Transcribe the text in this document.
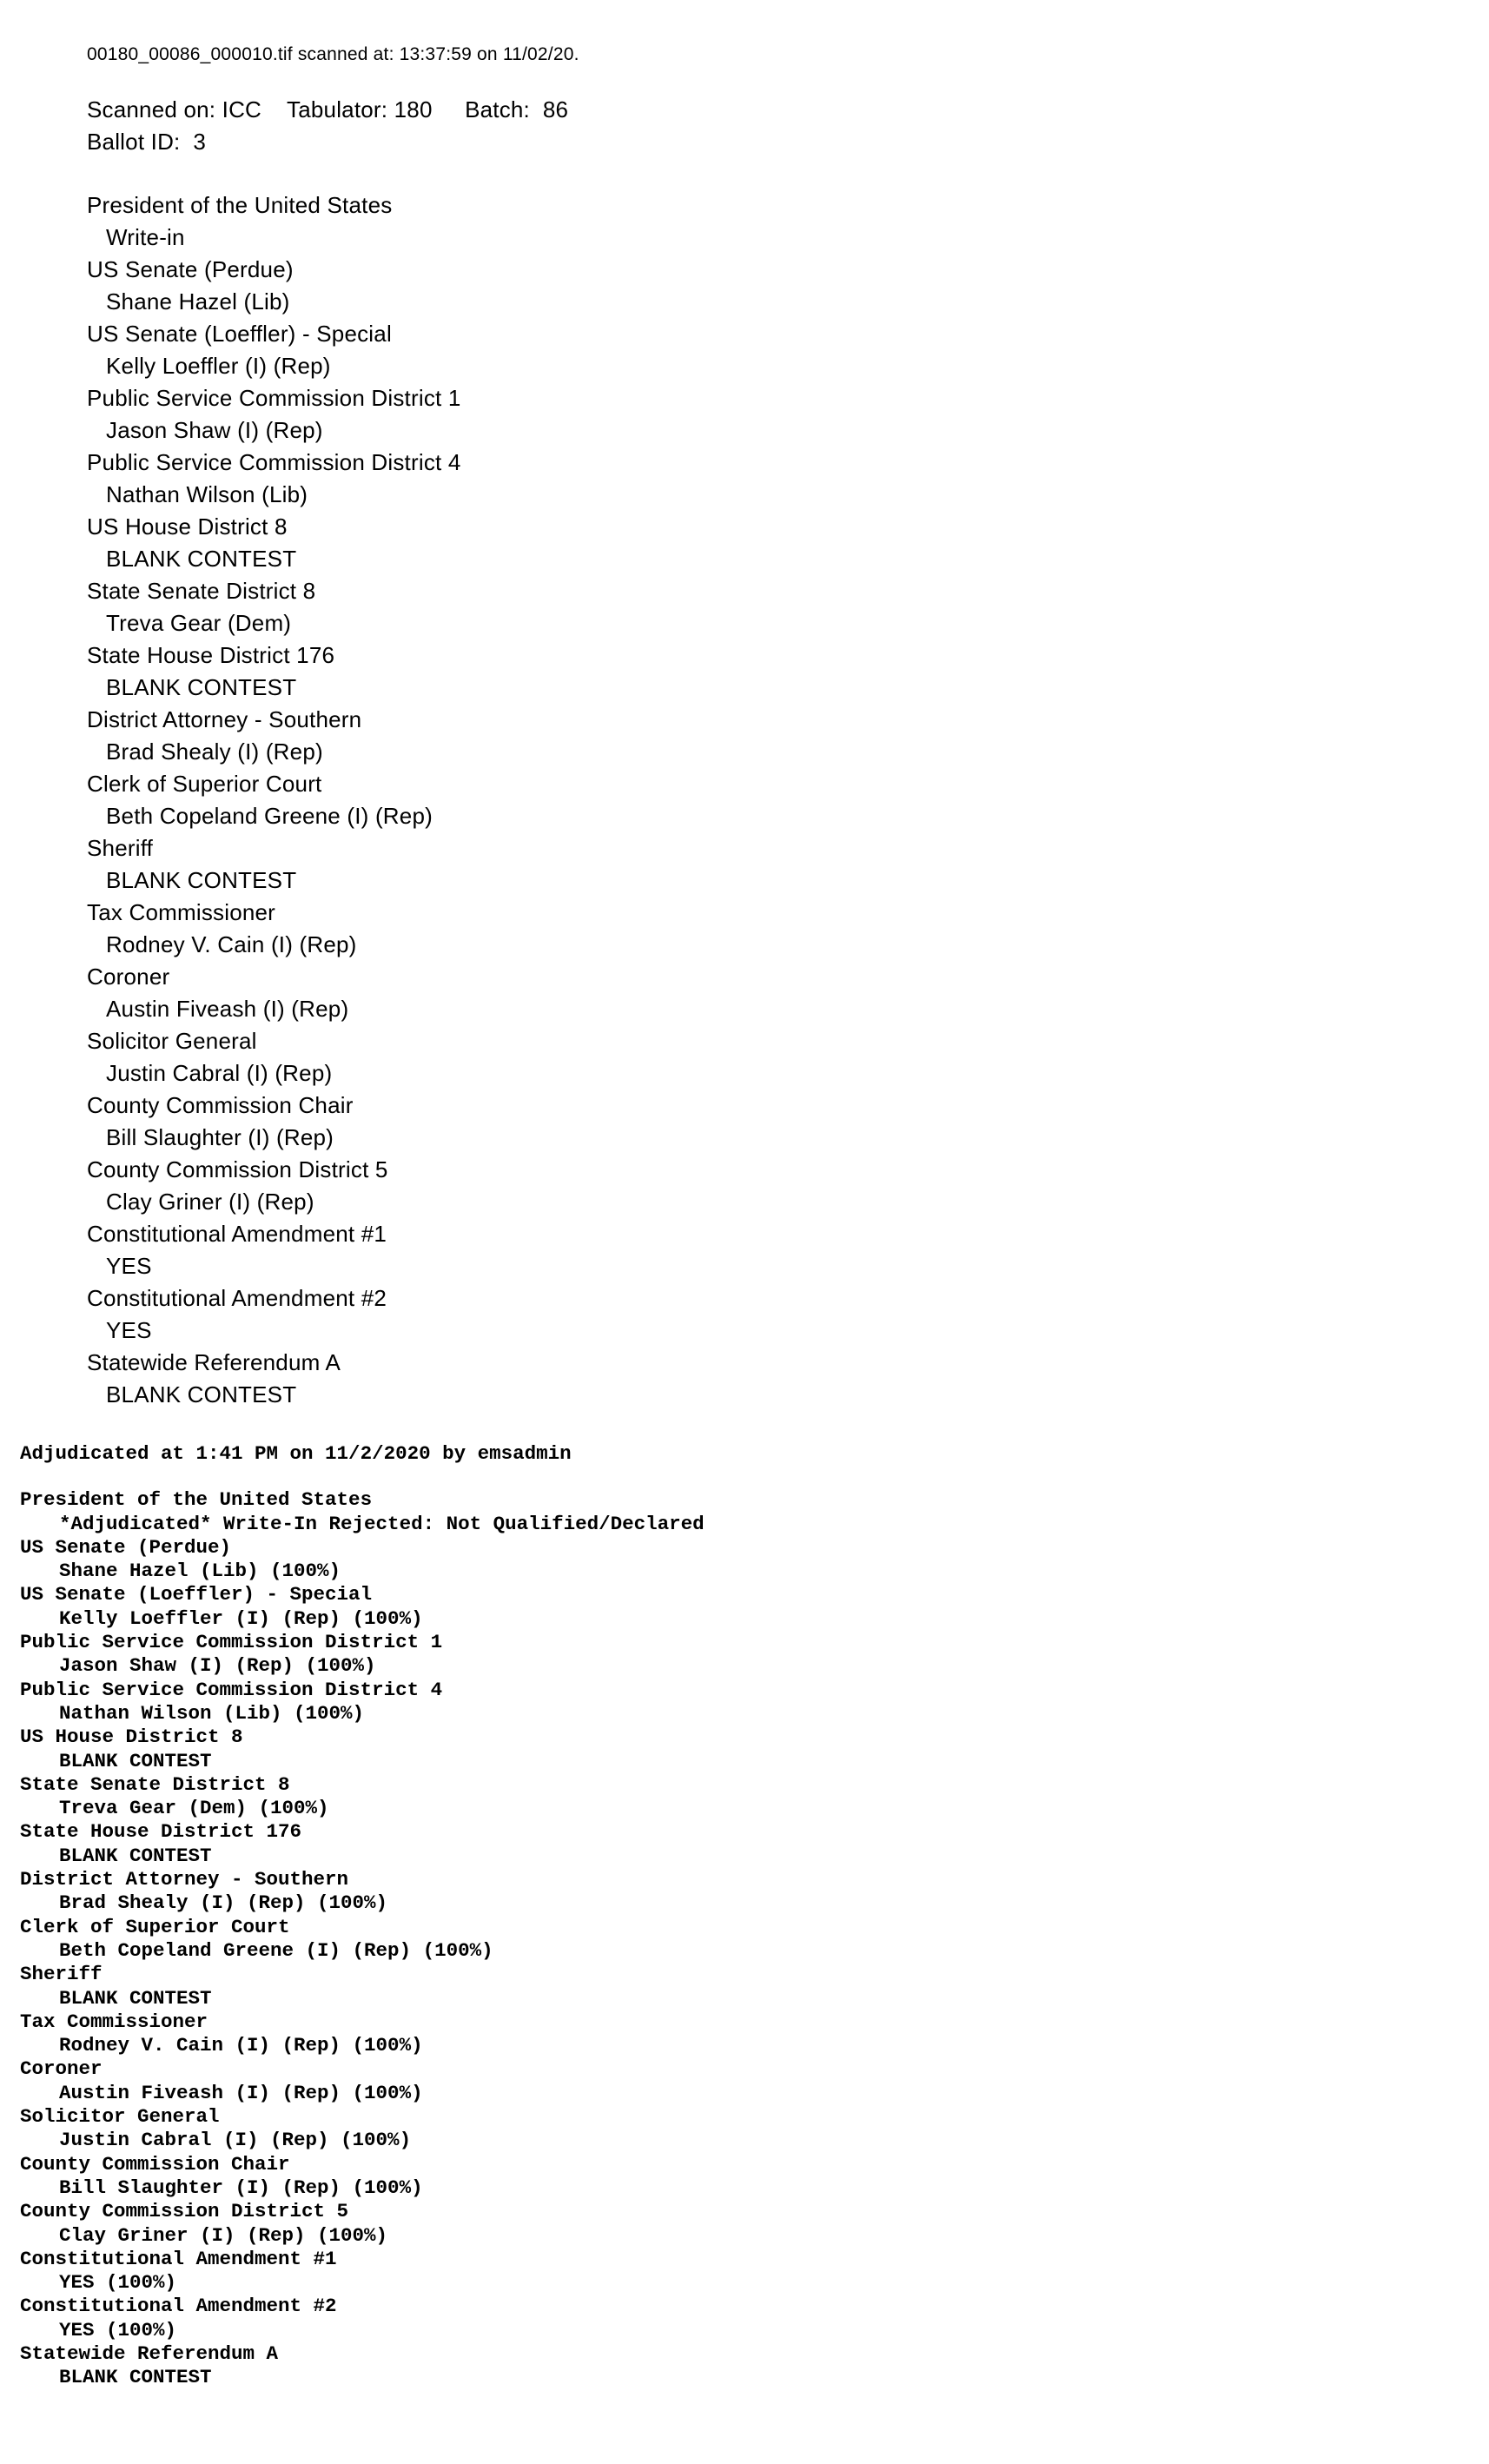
00180_00086_000010.tif scanned at: 13:37:59 on 11/02/20.
Scanned on: ICC Tabulator: 180 Batch: 86
Ballot ID: 3
President of the United States
Write-in
US Senate (Perdue)
Shane Hazel (Lib)
US Senate (Loeffler) - Special
Kelly Loeffler (I) (Rep)
Public Service Commission District 1
Jason Shaw (I) (Rep)
Public Service Commission District 4
Nathan Wilson (Lib)
US House District 8
BLANK CONTEST
State Senate District 8
Treva Gear (Dem)
State House District 176
BLANK CONTEST
District Attorney - Southern
Brad Shealy (I) (Rep)
Clerk of Superior Court
Beth Copeland Greene (I) (Rep)
Sheriff
BLANK CONTEST
Tax Commissioner
Rodney V. Cain (I) (Rep)
Coroner
Austin Fiveash (I) (Rep)
Solicitor General
Justin Cabral (I) (Rep)
County Commission Chair
Bill Slaughter (I) (Rep)
County Commission District 5
Clay Griner (I) (Rep)
Constitutional Amendment #1
YES
Constitutional Amendment #2
YES
Statewide Referendum A
BLANK CONTEST
Adjudicated at 1:41 PM on 11/2/2020 by emsadmin
President of the United States
*Adjudicated* Write-In Rejected: Not Qualified/Declared
US Senate (Perdue)
Shane Hazel (Lib) (100%)
US Senate (Loeffler) - Special
Kelly Loeffler (I) (Rep) (100%)
Public Service Commission District 1
Jason Shaw (I) (Rep) (100%)
Public Service Commission District 4
Nathan Wilson (Lib) (100%)
US House District 8
BLANK CONTEST
State Senate District 8
Treva Gear (Dem) (100%)
State House District 176
BLANK CONTEST
District Attorney - Southern
Brad Shealy (I) (Rep) (100%)
Clerk of Superior Court
Beth Copeland Greene (I) (Rep) (100%)
Sheriff
BLANK CONTEST
Tax Commissioner
Rodney V. Cain (I) (Rep) (100%)
Coroner
Austin Fiveash (I) (Rep) (100%)
Solicitor General
Justin Cabral (I) (Rep) (100%)
County Commission Chair
Bill Slaughter (I) (Rep) (100%)
County Commission District 5
Clay Griner (I) (Rep) (100%)
Constitutional Amendment #1
YES (100%)
Constitutional Amendment #2
YES (100%)
Statewide Referendum A
BLANK CONTEST
